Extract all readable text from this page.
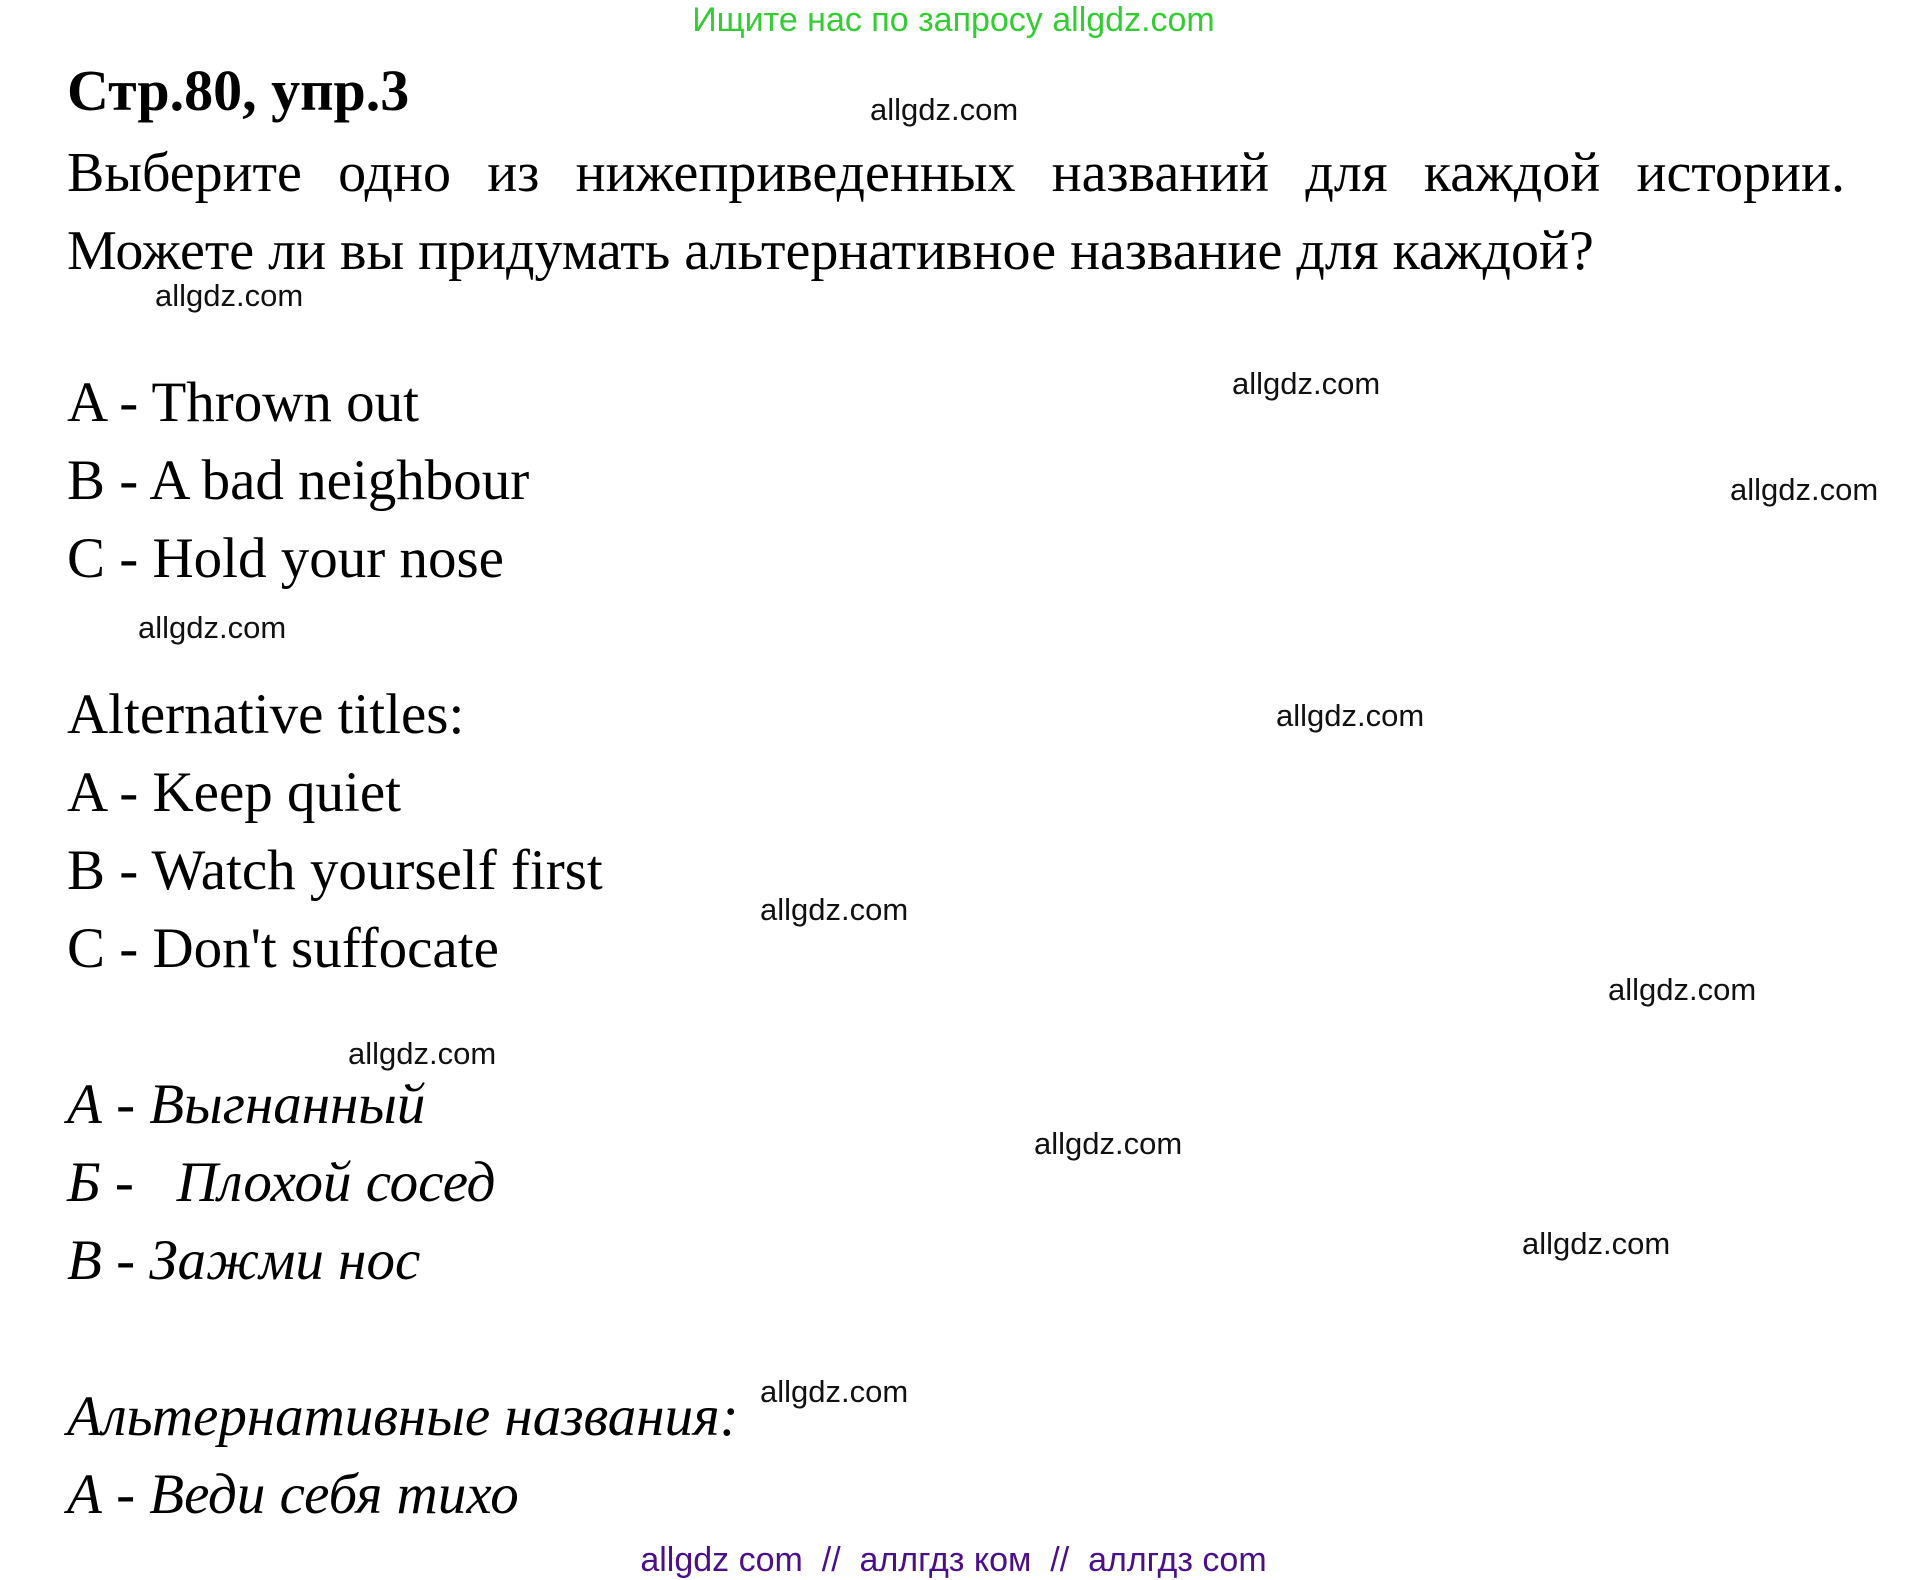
Ищите нас по запросу allgdz.com
Стр.80, упр.3
Выберите одно из нижеприведенных названий для каждой истории. Можете ли вы придумать альтернативное название для каждой?
A - Thrown out
B - A bad neighbour
C - Hold your nose
Alternative titles:
A - Keep quiet
B - Watch yourself first
C - Don't suffocate
А - Выгнанный
Б -   Плохой сосед
В - Зажми нос
Альтернативные названия:
А - Веди себя тихо
allgdz.com
allgdz.com
allgdz.com
allgdz.com
allgdz.com
allgdz.com
allgdz.com
allgdz.com
allgdz.com
allgdz.com
allgdz.com
allgdz.com
allgdz com  //  аллгдз ком  //  аллгдз com
